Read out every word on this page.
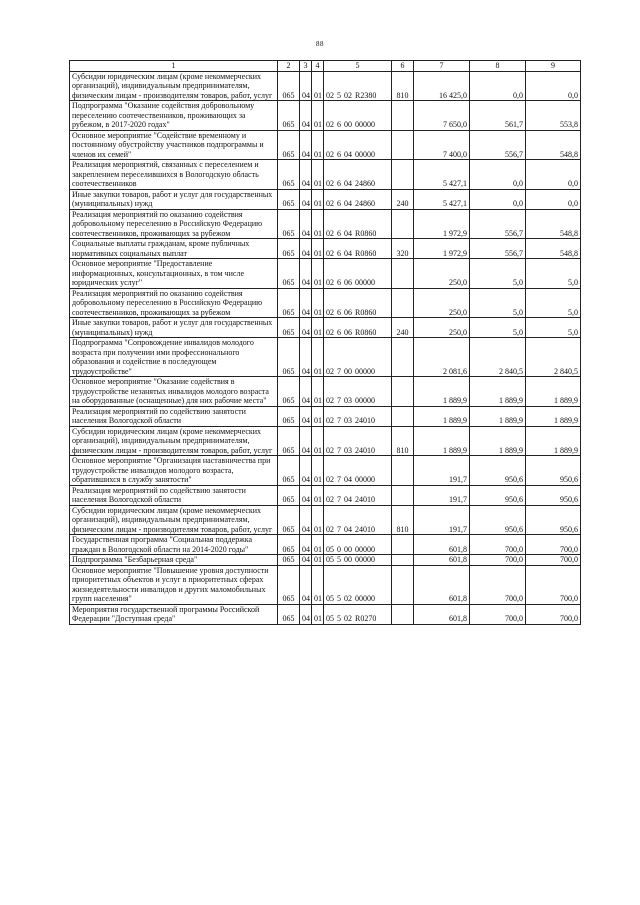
88
1	2	3	4	5	6	7	8	9
Субсидии юридическим лицам (кроме некоммерческих организаций), индивидуальным предпринимателям, физическим лицам - производителям товаров, работ, услуг	065	04	01	02 5 02 R2380	810	16 425,0	0,0	0,0
Подпрограмма "Оказание содействия добровольному переселению соотечественников, проживающих за рубежом, в 2017-2020 годах"	065	04	01	02 6 00 00000		7 650,0	561,7	553,8
Основное мероприятие "Содействие временному и постоянному обустройству участников подпрограммы и членов их семей"	065	04	01	02 6 04 00000		7 400,0	556,7	548,8
Реализация мероприятий, связанных с переселением и закреплением переселившихся в Вологодскую область соотечественников	065	04	01	02 6 04 24860		5 427,1	0,0	0,0
Иные закупки товаров, работ и услуг для государственных (муниципальных) нужд	065	04	01	02 6 04 24860	240	5 427,1	0,0	0,0
Реализация мероприятий по оказанию содействия добровольному переселению в Российскую Федерацию соотечественников, проживающих за рубежом	065	04	01	02 6 04 R0860		1 972,9	556,7	548,8
Социальные выплаты гражданам, кроме публичных нормативных социальных выплат	065	04	01	02 6 04 R0860	320	1 972,9	556,7	548,8
Основное мероприятие "Предоставление информационных, консультационных, в том числе юридических услуг"	065	04	01	02 6 06 00000		250,0	5,0	5,0
Реализация мероприятий по оказанию содействия добровольному переселению в Российскую Федерацию соотечественников, проживающих за рубежом	065	04	01	02 6 06 R0860		250,0	5,0	5,0
Иные закупки товаров, работ и услуг для государственных (муниципальных) нужд	065	04	01	02 6 06 R0860	240	250,0	5,0	5,0
Подпрограмма "Сопровождение инвалидов молодого возраста при получении ими профессионального образования и содействие в последующем трудоустройстве"	065	04	01	02 7 00 00000		2 081,6	2 840,5	2 840,5
Основное мероприятие "Оказание содействия в трудоустройстве незанятых инвалидов молодого возраста на оборудованные (оснащенные) для них рабочие места"	065	04	01	02 7 03 00000		1 889,9	1 889,9	1 889,9
Реализация мероприятий по содействию занятости населения Вологодской области	065	04	01	02 7 03 24010		1 889,9	1 889,9	1 889,9
Субсидии юридическим лицам (кроме некоммерческих организаций), индивидуальным предпринимателям, физическим лицам - производителям товаров, работ, услуг	065	04	01	02 7 03 24010	810	1 889,9	1 889,9	1 889,9
Основное мероприятие "Организация наставничества при трудоустройстве инвалидов молодого возраста, обратившихся в службу занятости"	065	04	01	02 7 04 00000		191,7	950,6	950,6
Реализация мероприятий по содействию занятости населения Вологодской области	065	04	01	02 7 04 24010		191,7	950,6	950,6
Субсидии юридическим лицам (кроме некоммерческих организаций), индивидуальным предпринимателям, физическим лицам - производителям товаров, работ, услуг	065	04	01	02 7 04 24010	810	191,7	950,6	950,6
Государственная программа "Социальная поддержка граждан в Вологодской области на 2014-2020 годы"	065	04	01	05 0 00 00000		601,8	700,0	700,0
Подпрограмма "Безбарьерная среда"	065	04	01	05 5 00 00000		601,8	700,0	700,0
Основное мероприятие "Повышение уровня доступности приоритетных объектов и услуг в приоритетных сферах жизнедеятельности инвалидов и других маломобильных групп населения"	065	04	01	05 5 02 00000		601,8	700,0	700,0
Мероприятия государственной программы Российской Федерации "Доступная среда"	065	04	01	05 5 02 R0270		601,8	700,0	700,0
